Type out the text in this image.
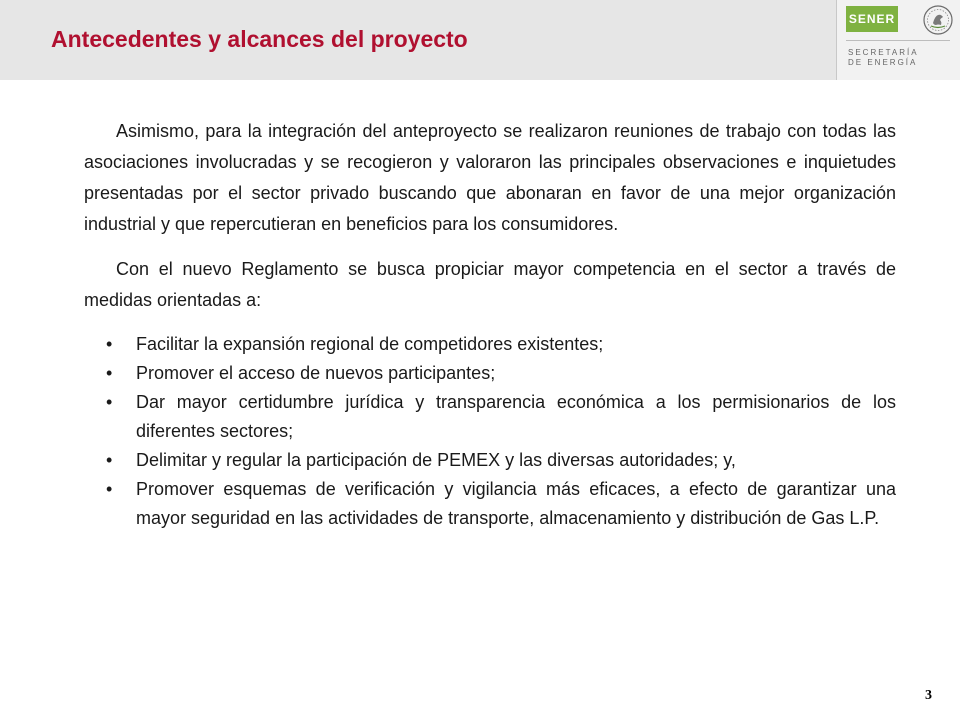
Antecedentes y alcances del proyecto
SENER
SECRETARÍA
DE ENERGÍA

Asimismo, para la integración del anteproyecto se realizaron reuniones de trabajo con todas las asociaciones involucradas y se recogieron y valoraron las principales observaciones e inquietudes presentadas por el sector privado buscando que abonaran en favor de una mejor organización industrial y que repercutieran en beneficios para los consumidores.

Con el nuevo Reglamento se busca propiciar mayor competencia en el sector a través de medidas orientadas a:

• Facilitar la expansión regional de competidores existentes;
• Promover el acceso de nuevos participantes;
• Dar mayor certidumbre jurídica y transparencia económica a los permisionarios de los diferentes sectores;
• Delimitar y regular la participación de PEMEX y las diversas autoridades; y,
• Promover esquemas de verificación y vigilancia más eficaces, a efecto de garantizar una mayor seguridad en las actividades de transporte, almacenamiento y distribución de Gas L.P.
3
